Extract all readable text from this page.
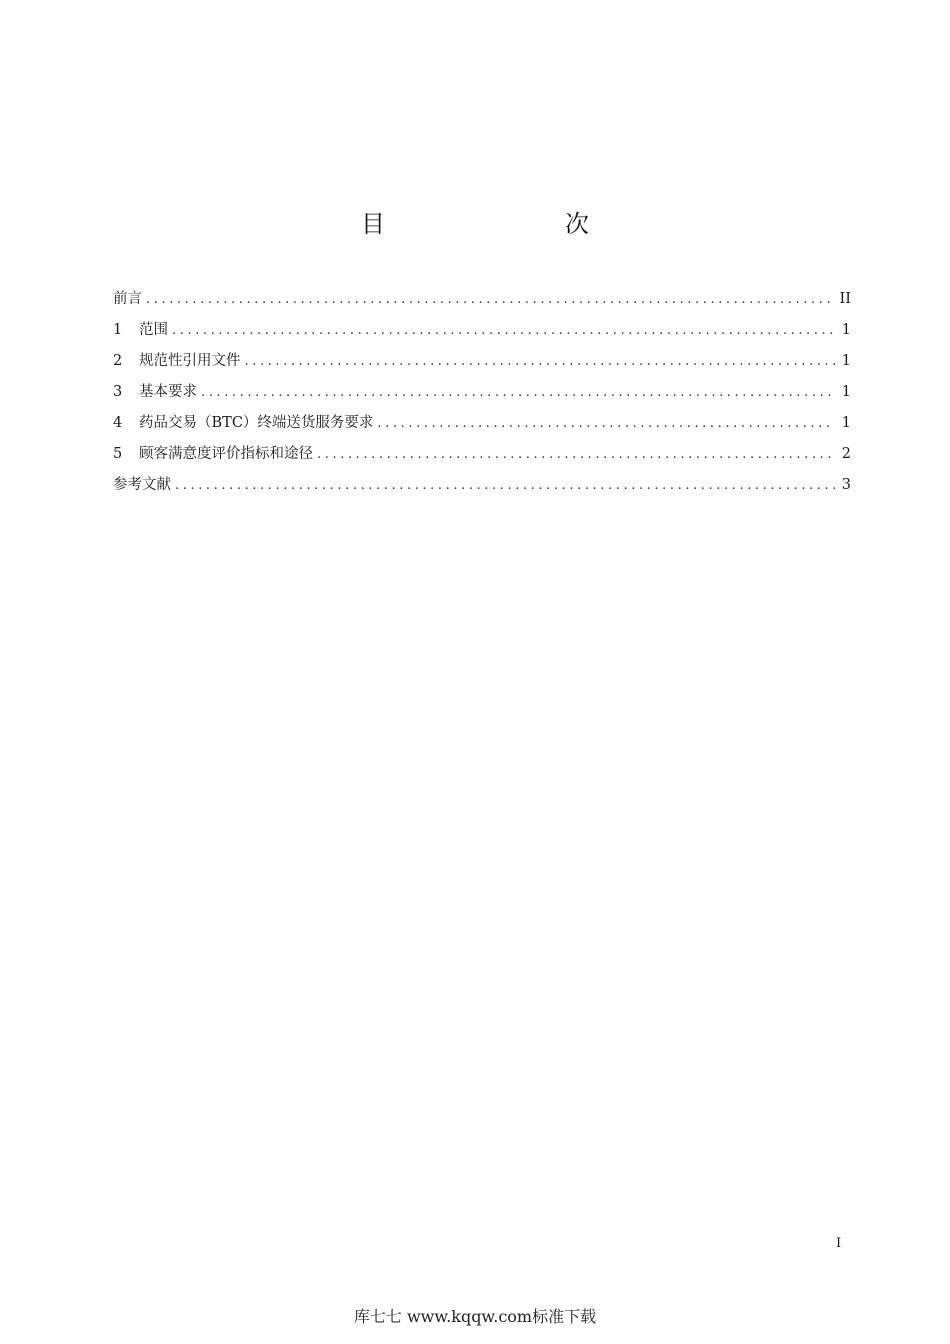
目　　次
前言 .....	II
1	范围 .....	1
2	规范性引用文件 .....	1
3	基本要求 .....	1
4	药品交易（BTC）终端送货服务要求 .....	1
5	顾客满意度评价指标和途径 .....	2
参考文献 .....	3
I
库七七 www.kqqw.com标准下载
